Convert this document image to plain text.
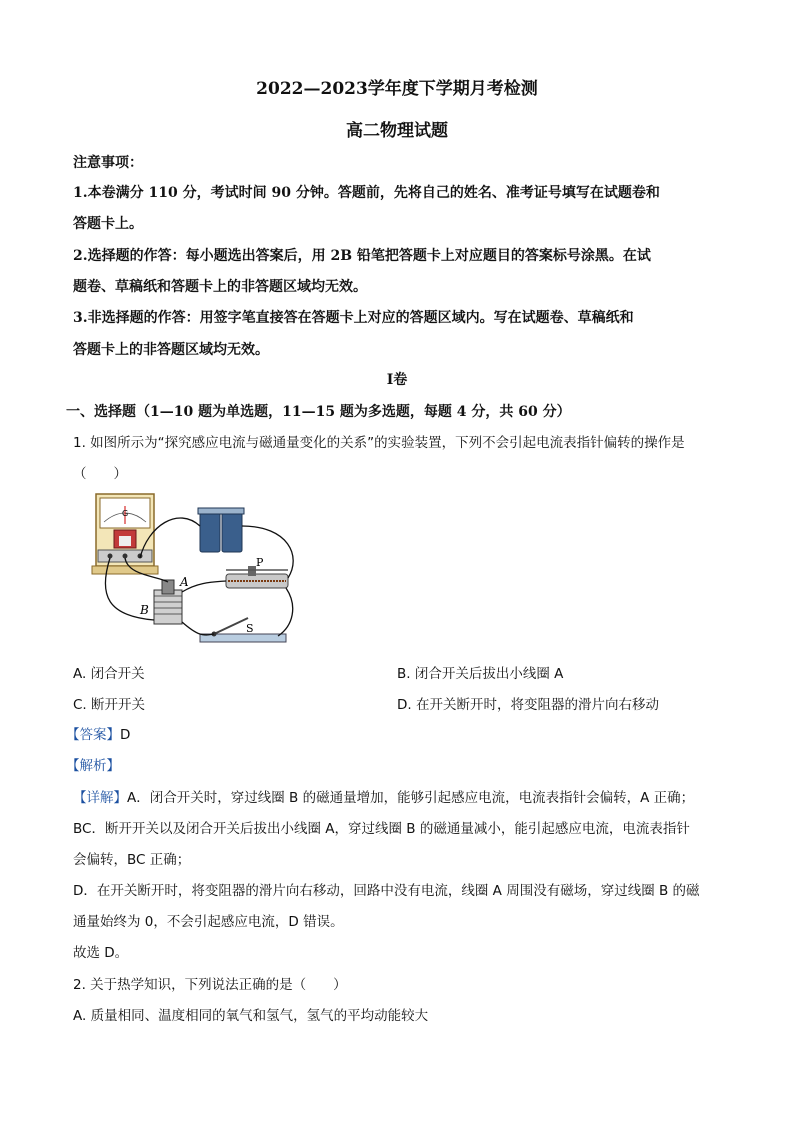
2022—2023学年度下学期月考检测
高二物理试题
注意事项：
1.本卷满分 110 分，考试时间 90 分钟。答题前，先将自己的姓名、准考证号填写在试题卷和
答题卡上。
2.选择题的作答：每小题选出答案后，用 2B 铅笔把答题卡上对应题目的答案标号涂黑。在试
题卷、草稿纸和答题卡上的非答题区域均无效。
3.非选择题的作答：用签字笔直接答在答题卡上对应的答题区域内。写在试题卷、草稿纸和
答题卡上的非答题区域均无效。
Ⅰ卷
一、选择题（1—10 题为单选题，11—15 题为多选题，每题 4 分，共 60 分）
1. 如图所示为“探究感应电流与磁通量变化的关系”的实验装置，下列不会引起电流表指针偏转的操作是
（　　）
G
P
A
B
S
A. 闭合开关	B. 闭合开关后拔出小线圈 A
C. 断开开关	D. 在开关断开时，将变阻器的滑片向右移动
【答案】D
【解析】
【详解】A．闭合开关时，穿过线圈 B 的磁通量增加，能够引起感应电流，电流表指针会偏转，A 正确；
BC．断开开关以及闭合开关后拔出小线圈 A，穿过线圈 B 的磁通量减小，能引起感应电流，电流表指针
会偏转，BC 正确；
D．在开关断开时，将变阻器的滑片向右移动，回路中没有电流，线圈 A 周围没有磁场，穿过线圈 B 的磁
通量始终为 0，不会引起感应电流，D 错误。
故选 D。
2. 关于热学知识，下列说法正确的是（　　）
A. 质量相同、温度相同的氧气和氢气，氢气的平均动能较大
